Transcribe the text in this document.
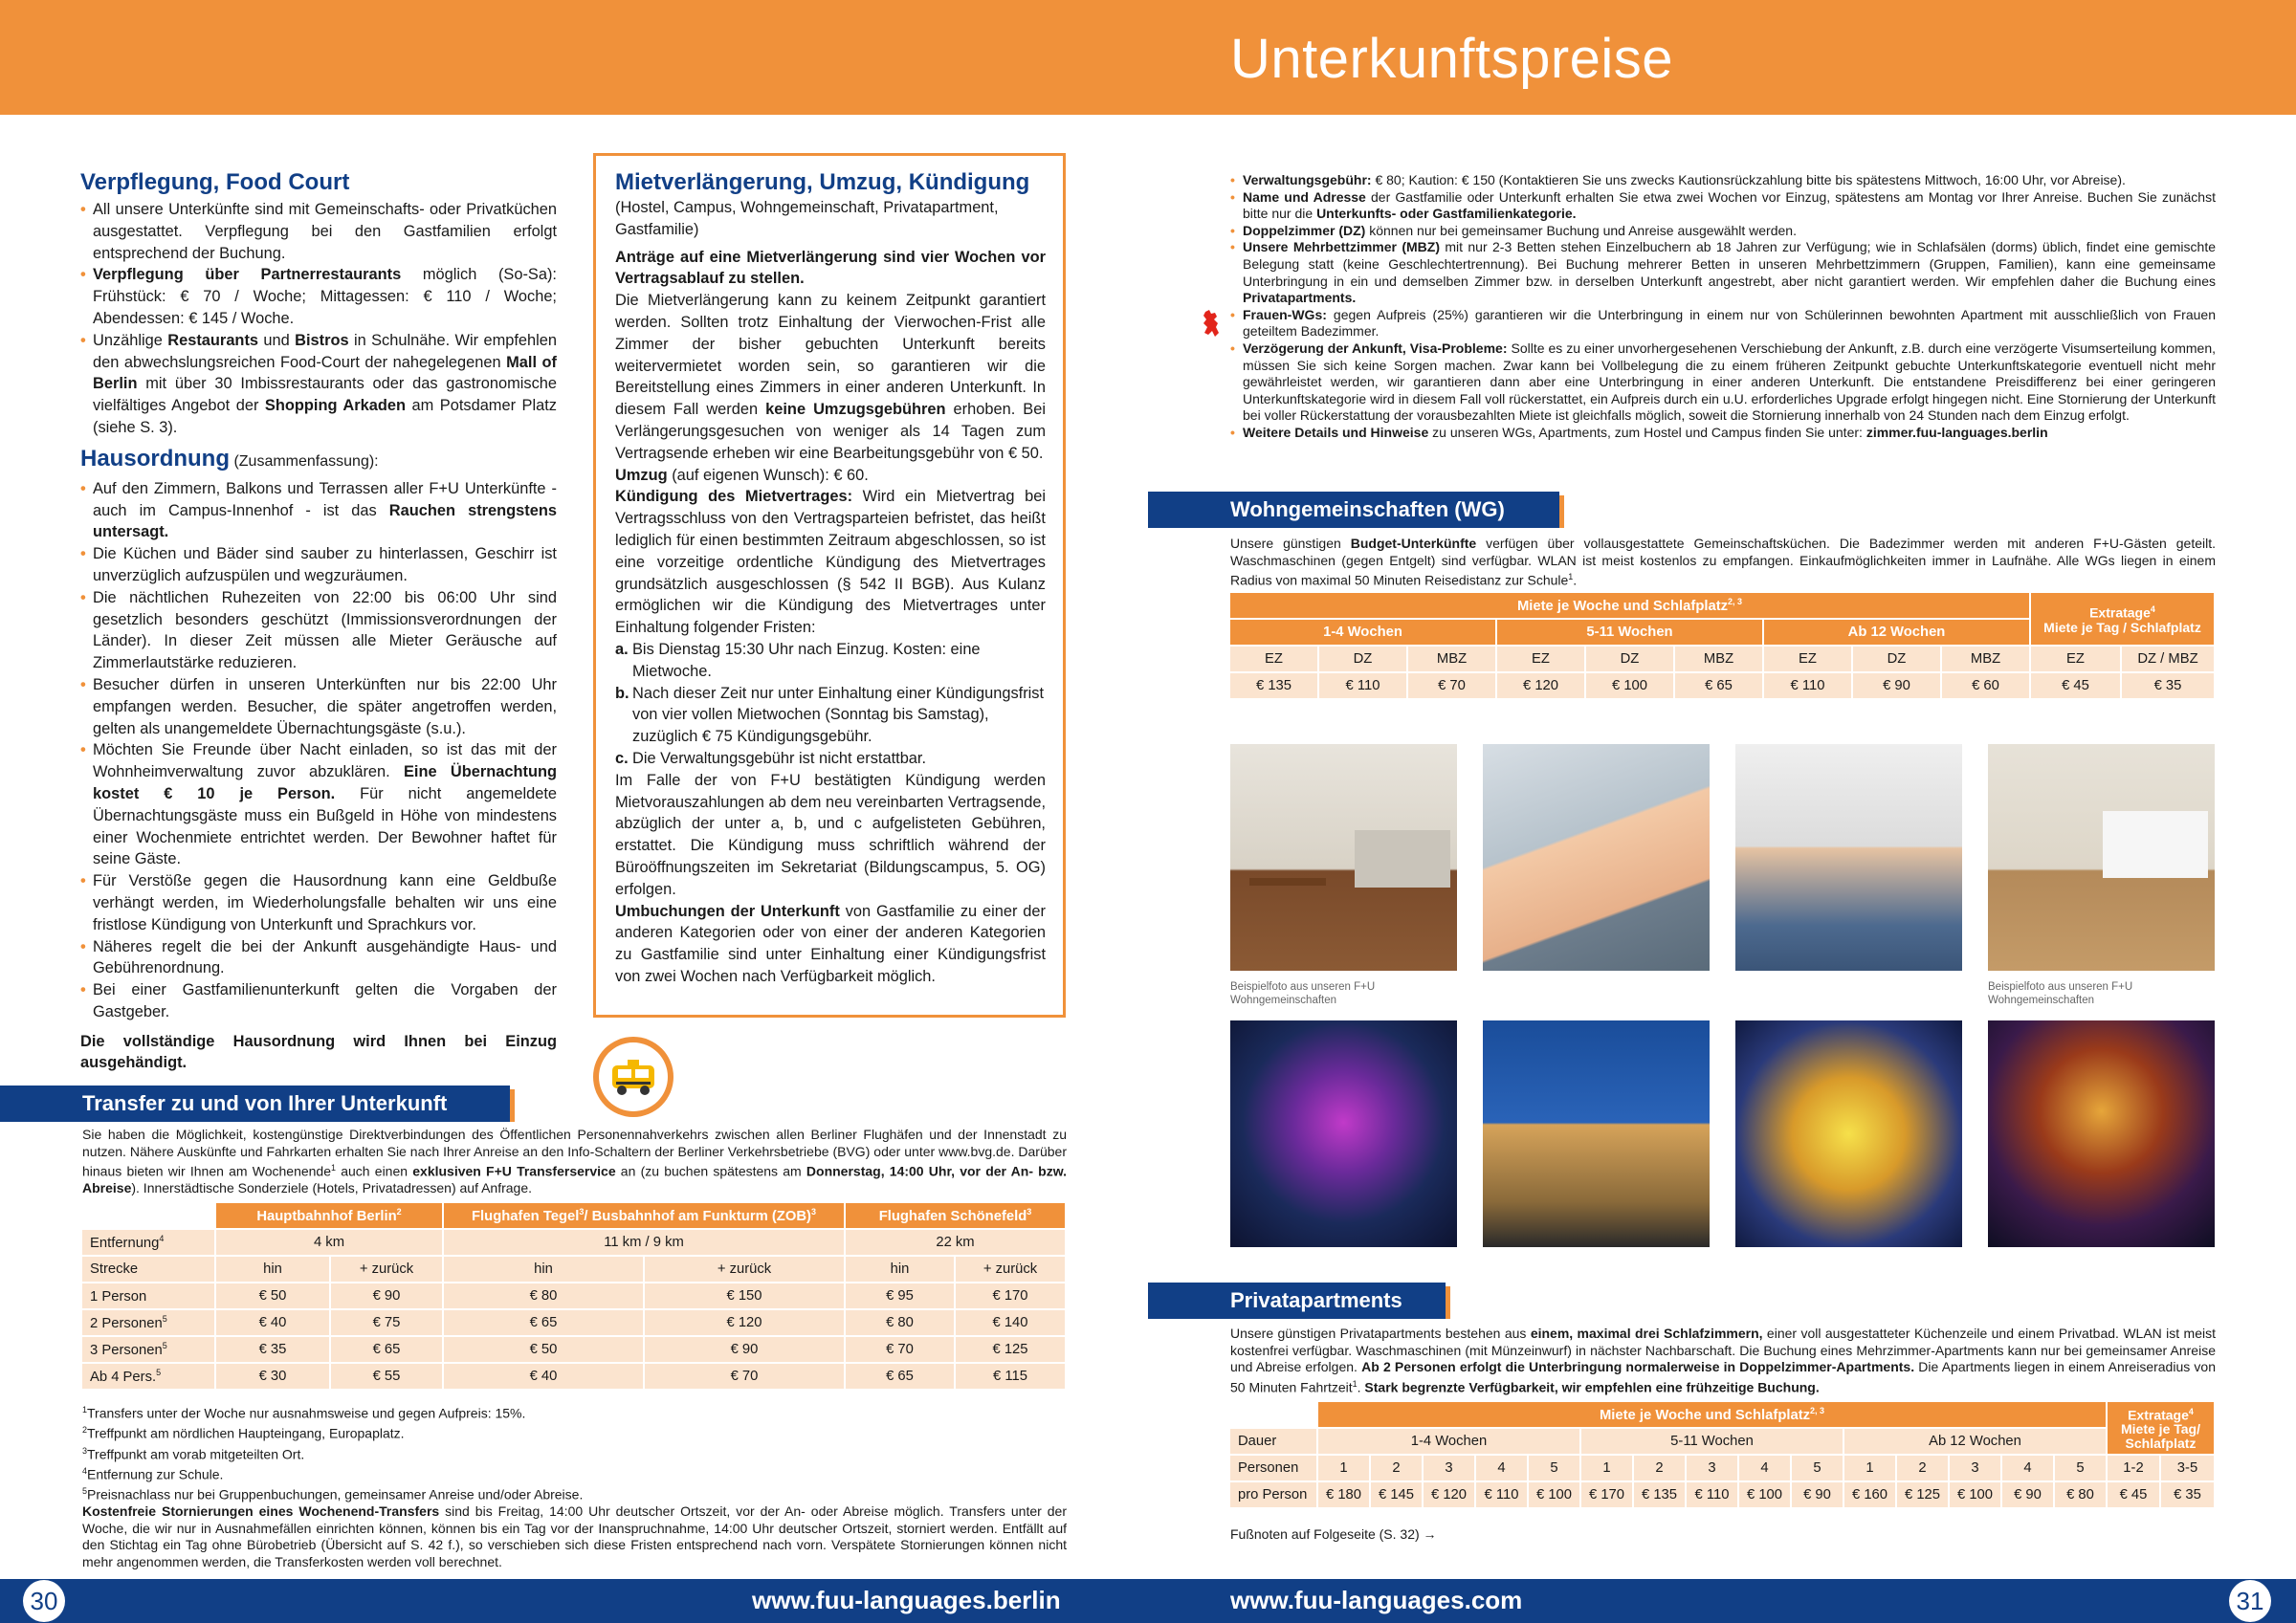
Unterkunftspreise
Verpflegung, Food Court
• All unsere Unterkünfte sind mit Gemeinschafts- oder Privatküchen ausgestattet. Verpflegung bei den Gastfamilien erfolgt entsprechend der Buchung.
• Verpflegung über Partnerrestaurants möglich (So-Sa): Frühstück: € 70 / Woche; Mittagessen: € 110 / Woche; Abendessen: € 145 / Woche.
• Unzählige Restaurants und Bistros in Schulnähe. Wir empfehlen den abwechslungsreichen Food-Court der nahegelegenen Mall of Berlin mit über 30 Imbissrestaurants oder das gastronomische vielfältiges Angebot der Shopping Arkaden am Potsdamer Platz (siehe S. 3).
Hausordnung (Zusammenfassung):
• Auf den Zimmern, Balkons und Terrassen aller F+U Unterkünfte - auch im Campus-Innenhof - ist das Rauchen strengstens untersagt.
• Die Küchen und Bäder sind sauber zu hinterlassen, Geschirr ist unverzüglich aufzuspülen und wegzuräumen.
• Die nächtlichen Ruhezeiten von 22:00 bis 06:00 Uhr sind gesetzlich besonders geschützt (Immissionsverordnungen der Länder). In dieser Zeit müssen alle Mieter Geräusche auf Zimmerlautstärke reduzieren.
• Besucher dürfen in unseren Unterkünften nur bis 22:00 Uhr empfangen werden. Besucher, die später angetroffen werden, gelten als unangemeldete Übernachtungsgäste (s.u.).
• Möchten Sie Freunde über Nacht einladen, so ist das mit der Wohnheimverwaltung zuvor abzuklären. Eine Übernachtung kostet € 10 je Person. Für nicht angemeldete Übernachtungsgäste muss ein Bußgeld in Höhe von mindestens einer Wochenmiete entrichtet werden. Der Bewohner haftet für seine Gäste.
• Für Verstöße gegen die Hausordnung kann eine Geldbuße verhängt werden, im Wiederholungsfalle behalten wir uns eine fristlose Kündigung von Unterkunft und Sprachkurs vor.
• Näheres regelt die bei der Ankunft ausgehändigte Haus- und Gebührenordnung.
• Bei einer Gastfamilienunterkunft gelten die Vorgaben der Gastgeber.
Die vollständige Hausordnung wird Ihnen bei Einzug ausgehändigt.
Mietverlängerung, Umzug, Kündigung
(Hostel, Campus, Wohngemeinschaft, Privatapartment, Gastfamilie)
Anträge auf eine Mietverlängerung sind vier Wochen vor Vertragsablauf zu stellen.
Die Mietverlängerung kann zu keinem Zeitpunkt garantiert werden. Sollten trotz Einhaltung der Vierwochen-Frist alle Zimmer der bisher gebuchten Unterkunft bereits weitervermietet worden sein, so garantieren wir die Bereitstellung eines Zimmers in einer anderen Unterkunft. In diesem Fall werden keine Umzugsgebühren erhoben. Bei Verlängerungsgesuchen von weniger als 14 Tagen zum Vertragsende erheben wir eine Bearbeitungsgebühr von € 50.
Umzug (auf eigenen Wunsch): € 60.
Kündigung des Mietvertrages: Wird ein Mietvertrag bei Vertragsschluss von den Vertragsparteien befristet, das heißt lediglich für einen bestimmten Zeitraum abgeschlossen, so ist eine vorzeitige ordentliche Kündigung des Mietvertrages grundsätzlich ausgeschlossen (§ 542 II BGB). Aus Kulanz ermöglichen wir die Kündigung des Mietvertrages unter Einhaltung folgender Fristen:
a. Bis Dienstag 15:30 Uhr nach Einzug. Kosten: eine Mietwoche.
b. Nach dieser Zeit nur unter Einhaltung einer Kündigungsfrist von vier vollen Mietwochen (Sonntag bis Samstag), zuzüglich € 75 Kündigungsgebühr.
c. Die Verwaltungsgebühr ist nicht erstattbar.
Im Falle der von F+U bestätigten Kündigung werden Mietvorauszahlungen ab dem neu vereinbarten Vertragsende, abzüglich der unter a, b, und c aufgelisteten Gebühren, erstattet. Die Kündigung muss schriftlich während der Büroöffnungszeiten im Sekretariat (Bildungscampus, 5. OG) erfolgen.
Umbuchungen der Unterkunft von Gastfamilie zu einer der anderen Kategorien oder von einer der anderen Kategorien zu Gastfamilie sind unter Einhaltung einer Kündigungsfrist von zwei Wochen nach Verfügbarkeit möglich.
Transfer zu und von Ihrer Unterkunft
Sie haben die Möglichkeit, kostengünstige Direktverbindungen des Öffentlichen Personennahverkehrs zwischen allen Berliner Flughäfen und der Innenstadt zu nutzen. Nähere Auskünfte und Fahrkarten erhalten Sie nach Ihrer Anreise an den Info-Schaltern der Berliner Verkehrsbetriebe (BVG) oder unter www.bvg.de. Darüber hinaus bieten wir Ihnen am Wochenende$^1$ auch einen exklusiven F+U Transferservice an (zu buchen spätestens am Donnerstag, 14:00 Uhr, vor der An- bzw. Abreise). Innerstädtische Sonderziele (Hotels, Privatadressen) auf Anfrage.
	Hauptbahnhof Berlin$^2$		Flughafen Tegel$^3$/ Busbahnhof am Funkturm (ZOB)$^3$		Flughafen Schönefeld$^3$
Entfernung$^4$	4 km		11 km / 9 km		22 km	
Strecke	hin	+ zurück	hin	+ zurück	hin	+ zurück
1 Person	€ 50	€ 90	€ 80	€ 150	€ 95	€ 170
2 Personen$^5$	€ 40	€ 75	€ 65	€ 120	€ 80	€ 140
3 Personen$^5$	€ 35	€ 65	€ 50	€ 90	€ 70	€ 125
Ab 4 Pers.$^5$	€ 30	€ 55	€ 40	€ 70	€ 65	€ 115
$^1$Transfers unter der Woche nur ausnahmsweise und gegen Aufpreis: 15%.
$^2$Treffpunkt am nördlichen Haupteingang, Europaplatz.
$^3$Treffpunkt am vorab mitgeteilten Ort.
$^4$Entfernung zur Schule.
$^5$Preisnachlass nur bei Gruppenbuchungen, gemeinsamer Anreise und/oder Abreise.
Kostenfreie Stornierungen eines Wochenend-Transfers sind bis Freitag, 14:00 Uhr deutscher Ortszeit, vor der An- oder Abreise möglich. Transfers unter der Woche, die wir nur in Ausnahmefällen einrichten können, können bis ein Tag vor der Inanspruchnahme, 14:00 Uhr deutscher Ortszeit, storniert werden. Entfällt auf den Stichtag ein Tag ohne Bürobetrieb (Übersicht auf S. 42 f.), so verschieben sich diese Fristen entsprechend nach vorn. Verspätete Stornierungen können nicht mehr angenommen werden, die Transferkosten werden voll berechnet.
• Verwaltungsgebühr: € 80; Kaution: € 150 (Kontaktieren Sie uns zwecks Kautionsrückzahlung bitte bis spätestens Mittwoch, 16:00 Uhr, vor Abreise).
• Name und Adresse der Gastfamilie oder Unterkunft erhalten Sie etwa zwei Wochen vor Einzug, spätestens am Montag vor Ihrer Anreise. Buchen Sie zunächst bitte nur die Unterkunfts- oder Gastfamilienkategorie.
• Doppelzimmer (DZ) können nur bei gemeinsamer Buchung und Anreise ausgewählt werden.
• Unsere Mehrbettzimmer (MBZ) mit nur 2-3 Betten stehen Einzelbuchern ab 18 Jahren zur Verfügung; wie in Schlafsälen (dorms) üblich, findet eine gemischte Belegung statt (keine Geschlechtertrennung). Bei Buchung mehrerer Betten in unseren Mehrbettzimmern (Gruppen, Familien), kann eine gemeinsame Unterbringung in ein und demselben Zimmer bzw. in derselben Unterkunft angestrebt, aber nicht garantiert werden. Wir empfehlen daher die Buchung eines Privatapartments.
• Frauen-WGs: gegen Aufpreis (25%) garantieren wir die Unterbringung in einem nur von Schülerinnen bewohnten Apartment mit ausschließlich von Frauen geteiltem Badezimmer.
• Verzögerung der Ankunft, Visa-Probleme: Sollte es zu einer unvorhergesehenen Verschiebung der Ankunft, z.B. durch eine verzögerte Visumserteilung kommen, müssen Sie sich keine Sorgen machen. Zwar kann bei Vollbelegung die zu einem früheren Zeitpunkt gebuchte Unterkunftskategorie eventuell nicht mehr gewährleistet werden, wir garantieren dann aber eine Unterbringung in einer anderen Unterkunft. Die entstandene Preisdifferenz bei einer geringeren Unterkunftskategorie wird in diesem Fall voll rückerstattet, ein Aufpreis durch ein u.U. erforderliches Upgrade erfolgt hingegen nicht. Eine Stornierung der Unterkunft bei voller Rückerstattung der vorausbezahlten Miete ist gleichfalls möglich, soweit die Stornierung innerhalb von 24 Stunden nach dem Einzug erfolgt.
• Weitere Details und Hinweise zu unseren WGs, Apartments, zum Hostel und Campus finden Sie unter: zimmer.fuu-languages.berlin
Wohngemeinschaften (WG)
Unsere günstigen Budget-Unterkünfte verfügen über vollausgestattete Gemeinschaftsküchen. Die Badezimmer werden mit anderen F+U-Gästen geteilt. Waschmaschinen (gegen Entgelt) sind verfügbar. WLAN ist meist kostenlos zu empfangen. Einkaufmöglichkeiten immer in Laufnähe. Alle WGs liegen in einem Radius von maximal 50 Minuten Reisedistanz zur Schule$^1$.
Miete je Woche und Schlafplatz$^{2, 3}$									Extratage$^4$
Miete je Tag / Schlafplatz	
1-4 Wochen			5-11 Wochen			Ab 12 Wochen				
EZ	DZ	MBZ	EZ	DZ	MBZ	EZ	DZ	MBZ	EZ	DZ / MBZ
€ 135	€ 110	€ 70	€ 120	€ 100	€ 65	€ 110	€ 90	€ 60	€ 45	€ 35
Beispielfoto aus unseren F+U Wohngemeinschaften
Beispielfoto aus unseren F+U Wohngemeinschaften
Privatapartments
Unsere günstigen Privatapartments bestehen aus einem, maximal drei Schlafzimmern, einer voll ausgestatteter Küchenzeile und einem Privatbad. WLAN ist meist kostenfrei verfügbar. Waschmaschinen (mit Münzeinwurf) in nächster Nachbarschaft. Die Buchung eines Mehrzimmer-Apartments kann nur bei gemeinsamer Anreise und Abreise erfolgen. Ab 2 Personen erfolgt die Unterbringung normalerweise in Doppelzimmer-Apartments. Die Apartments liegen in einem Anreiseradius von 50 Minuten Fahrtzeit$^1$. Stark begrenzte Verfügbarkeit, wir empfehlen eine frühzeitige Buchung.
	Miete je Woche und Schlafplatz$^{2, 3}$															Extratage$^4$
Miete je Tag/ Schlafplatz	
Dauer	1-4 Wochen					5-11 Wochen					Ab 12 Wochen						
Personen	1	2	3	4	5	1	2	3	4	5	1	2	3	4	5	1-2	3-5
pro Person	€ 180	€ 145	€ 120	€ 110	€ 100	€ 170	€ 135	€ 110	€ 100	€ 90	€ 160	€ 125	€ 100	€ 90	€ 80	€ 45	€ 35
Fußnoten auf Folgeseite (S. 32) →
30	31
www.fuu-languages.berlin	www.fuu-languages.com
